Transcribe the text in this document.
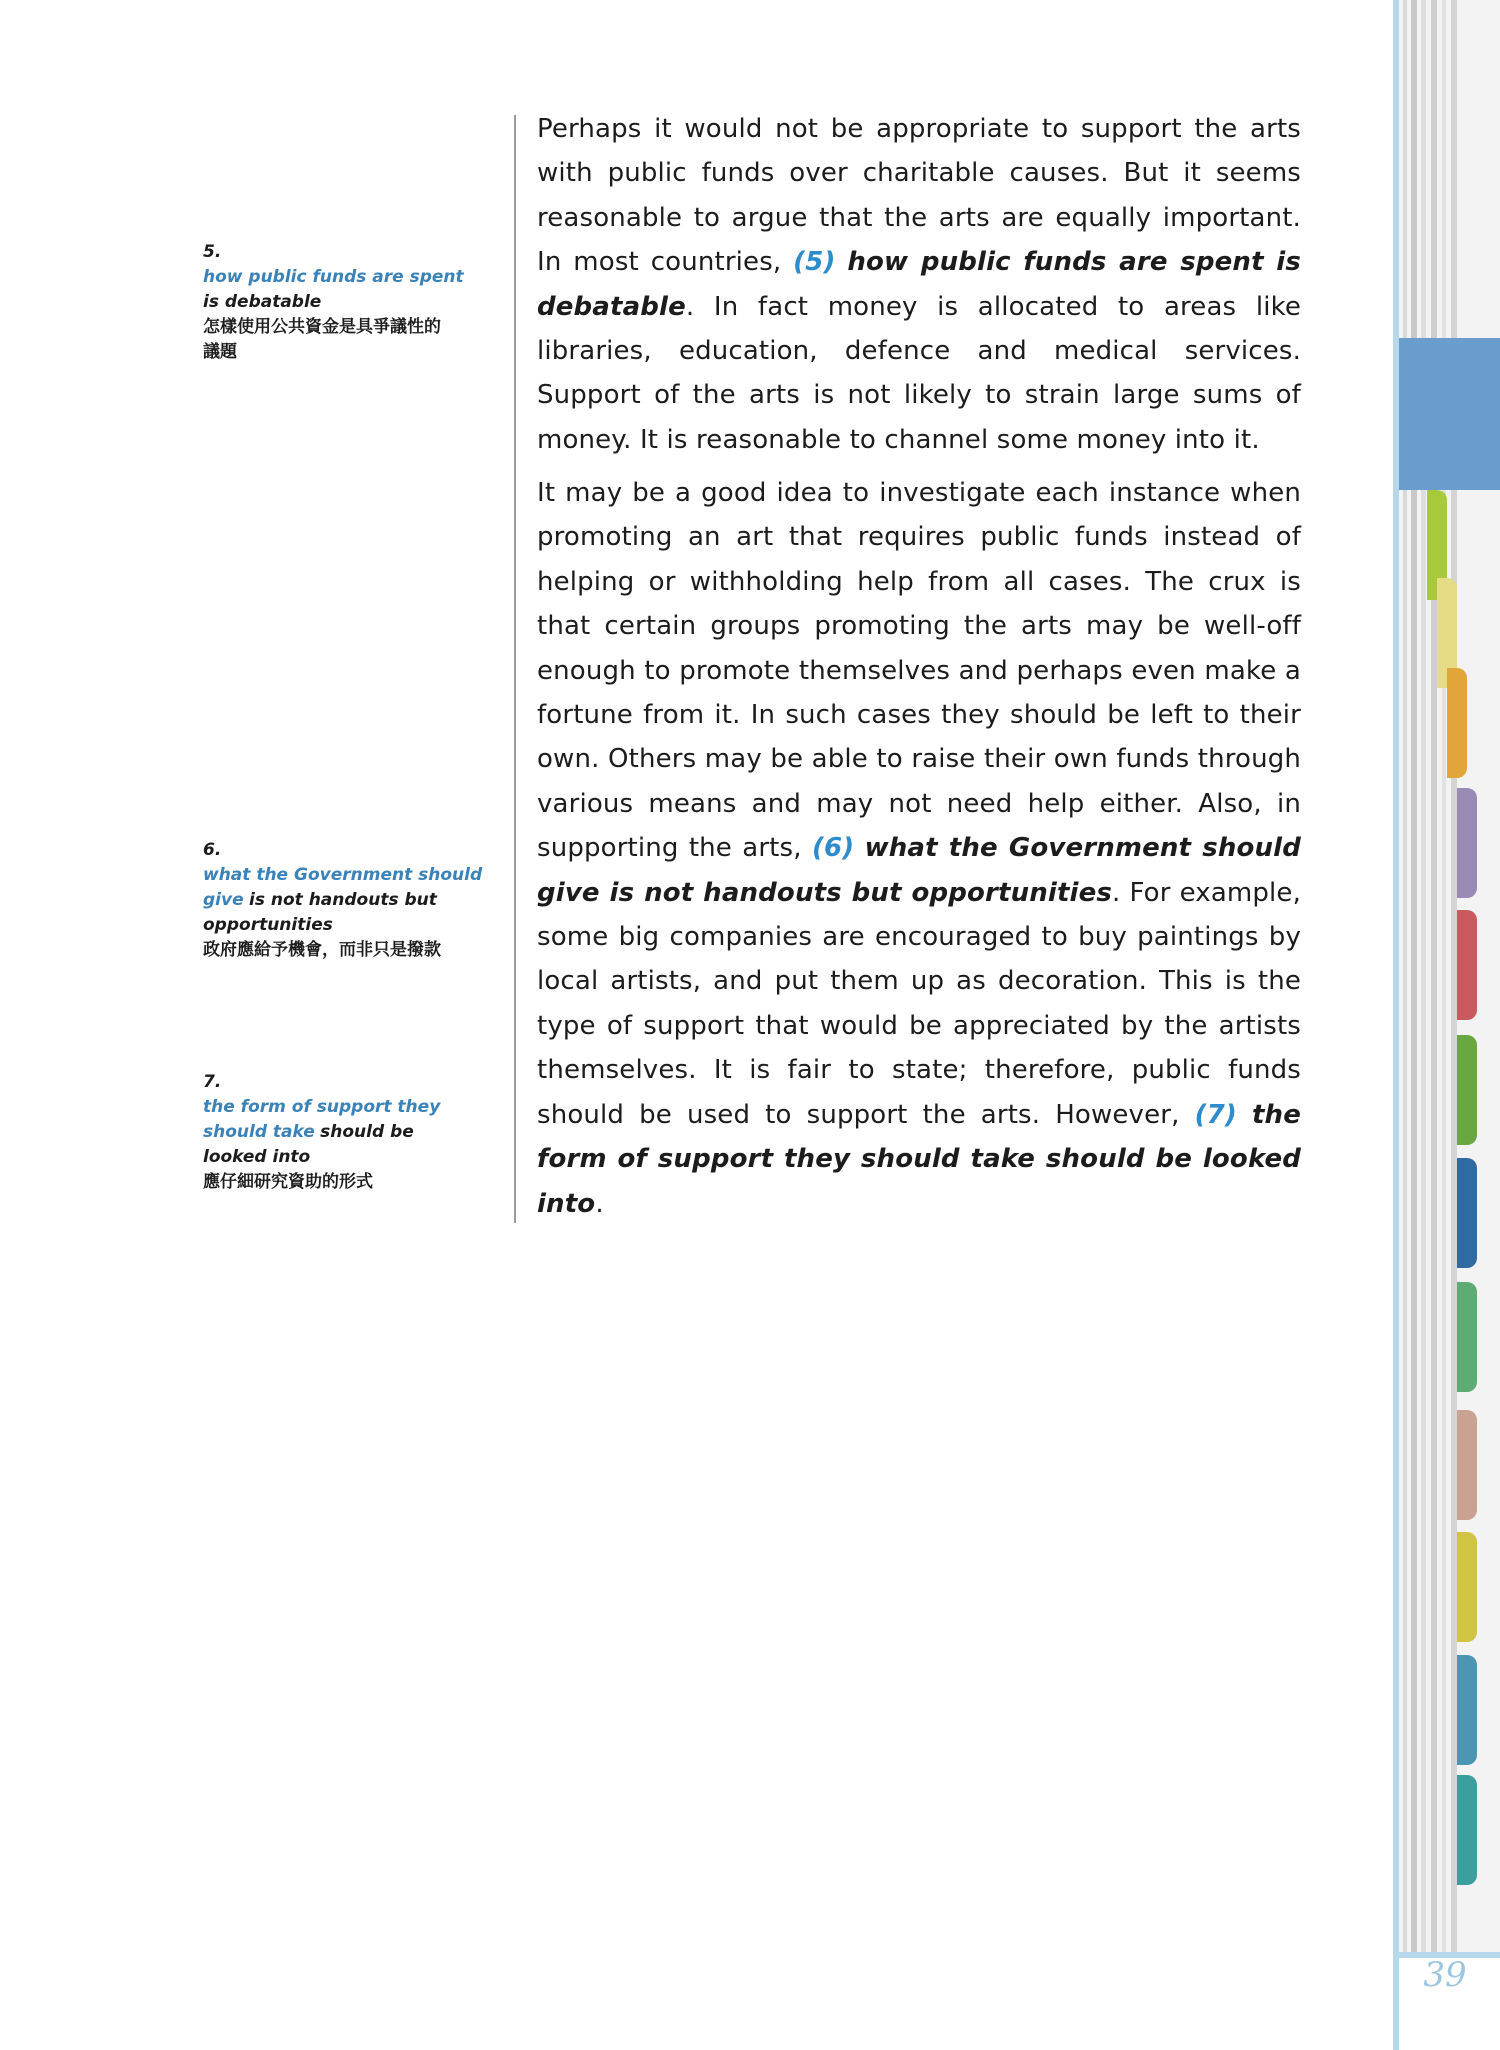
5.
how public funds are spent
is debatable
怎樣使用公共資金是具爭議性的
議題
6.
what the Government should
give is not handouts but
opportunities
政府應給予機會，而非只是撥款
7.
the form of support they
should take should be
looked into
應仔細研究資助的形式

Perhaps it would not be appropriate to support the arts with public funds over charitable causes. But it seems reasonable to argue that the arts are equally important. In most countries, (5) how public funds are spent is debatable. In fact money is allocated to areas like libraries, education, defence and medical services. Support of the arts is not likely to strain large sums of money. It is reasonable to channel some money into it.

It may be a good idea to investigate each instance when promoting an art that requires public funds instead of helping or withholding help from all cases. The crux is that certain groups promoting the arts may be well-off enough to promote themselves and perhaps even make a fortune from it. In such cases they should be left to their own. Others may be able to raise their own funds through various means and may not need help either. Also, in supporting the arts, (6) what the Government should give is not handouts but opportunities. For example, some big companies are encouraged to buy paintings by local artists, and put them up as decoration. This is the type of support that would be appreciated by the artists themselves. It is fair to state; therefore, public funds should be used to support the arts. However, (7) the form of support they should take should be looked into.

39
